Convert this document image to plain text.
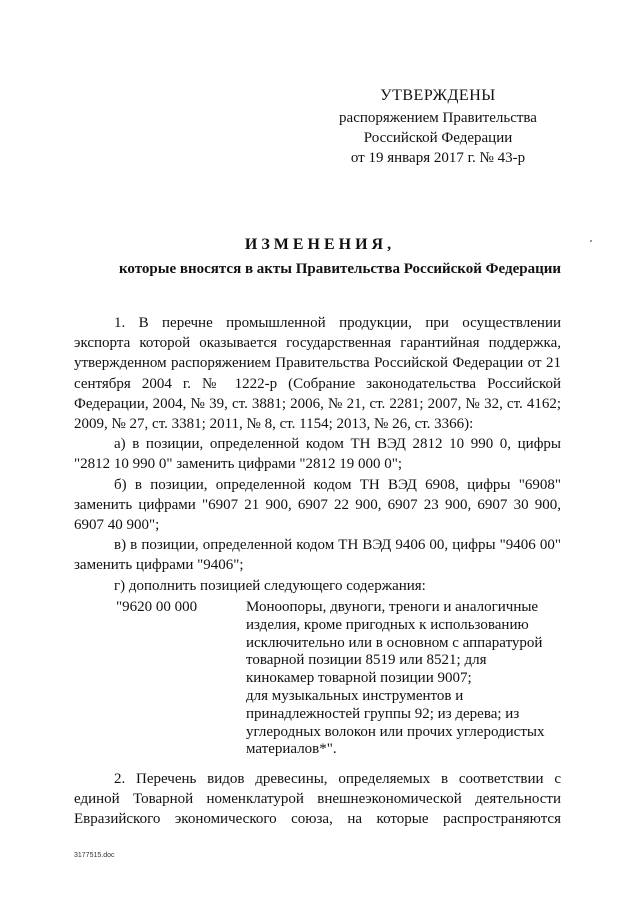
УТВЕРЖДЕНЫ
распоряжением Правительства
Российской Федерации
от 19 января 2017 г. № 43-р
ИЗМЕНЕНИЯ,
которые вносятся в акты Правительства Российской Федерации

1. В перечне промышленной продукции, при осуществлении экспорта которой оказывается государственная гарантийная поддержка, утвержденном распоряжением Правительства Российской Федерации от 21 сентября 2004 г. № 1222-р (Собрание законодательства Российской Федерации, 2004, № 39, ст. 3881; 2006, № 21, ст. 2281; 2007, № 32, ст. 4162; 2009, № 27, ст. 3381; 2011, № 8, ст. 1154; 2013, № 26, ст. 3366):

а) в позиции, определенной кодом ТН ВЭД 2812 10 990 0, цифры "2812 10 990 0" заменить цифрами "2812 19 000 0";

б) в позиции, определенной кодом ТН ВЭД 6908, цифры "6908" заменить цифрами "6907 21 900, 6907 22 900, 6907 23 900, 6907 30 900, 6907 40 900";

в) в позиции, определенной кодом ТН ВЭД 9406 00, цифры "9406 00" заменить цифрами "9406";

г) дополнить позицией следующего содержания:

"9620 00 000	Моноопоры, двуноги, треноги и аналогичные
изделия, кроме пригодных к использованию
исключительно или в основном с аппаратурой
товарной позиции 8519 или 8521; для
кинокамер товарной позиции 9007;
для музыкальных инструментов и
принадлежностей группы 92; из дерева; из
углеродных волокон или прочих углеродистых
материалов*".

2. Перечень видов древесины, определяемых в соответствии с единой Товарной номенклатурой внешнеэкономической деятельности Евразийского экономического союза, на которые распространяются

3177515.doc
